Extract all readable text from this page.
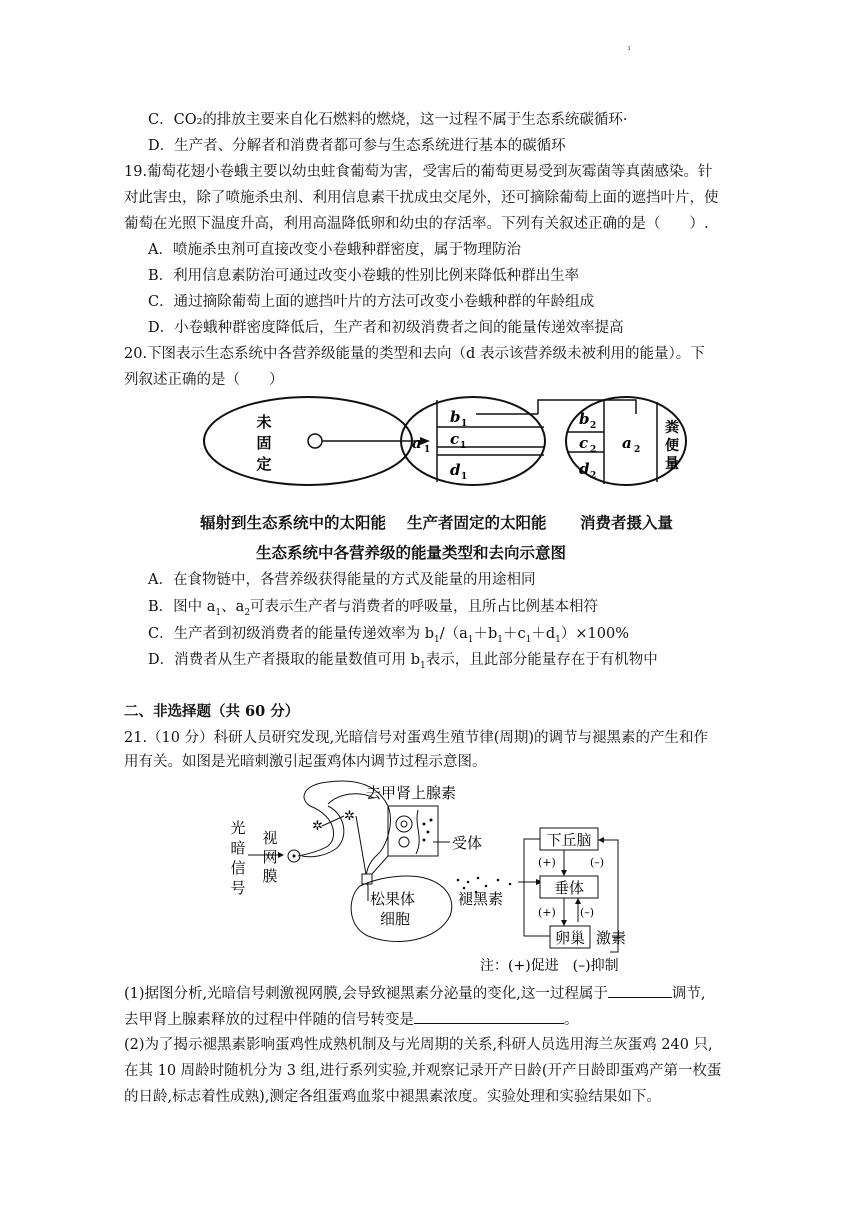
ı
C．CO₂的排放主要来自化石燃料的燃烧，这一过程不属于生态系统碳循环·
D．生产者、分解者和消费者都可参与生态系统进行基本的碳循环
19.葡萄花翅小卷蛾主要以幼虫蛀食葡萄为害，受害后的葡萄更易受到灰霉菌等真菌感染。针
对此害虫，除了喷施杀虫剂、利用信息素干扰成虫交尾外，还可摘除葡萄上面的遮挡叶片，使
葡萄在光照下温度升高，利用高温降低卵和幼虫的存活率。下列有关叙述正确的是（　　）.
A．喷施杀虫剂可直接改变小卷蛾种群密度，属于物理防治
B．利用信息素防治可通过改变小卷蛾的性别比例来降低种群出生率
C．通过摘除葡萄上面的遮挡叶片的方法可改变小卷蛾种群的年龄组成
D．小卷蛾种群密度降低后，生产者和初级消费者之间的能量传递效率提高
20.下图表示生态系统中各营养级能量的类型和去向（d 表示该营养级未被利用的能量）。下
列叙述正确的是（　　）
未
固
定
a 1
b 1
c 1
d 1
b 2
c 2
d 2
a 2
粪
便
量
辐射到生态系统中的太阳能 生产者固定的太阳能 消费者摄入量
生态系统中各营养级的能量类型和去向示意图
A．在食物链中，各营养级获得能量的方式及能量的用途相同
B．图中 $a_1$、$a_2$可表示生产者与消费者的呼吸量，且所占比例基本相符
C．生产者到初级消费者的能量传递效率为 $b_1/(a_1+b_1+c_1+d_1)\times 100\%$
D．消费者从生产者摄取的能量数值可用 $b_1$表示，且此部分能量存在于有机物中
二、非选择题（共 60 分）
21.（10 分）科研人员研究发现,光暗信号对蛋鸡生殖节律(周期)的调节与褪黑素的产生和作
用有关。如图是光暗刺激引起蛋鸡体内调节过程示意图。
光
暗
信
号
视
网
膜
✲
✲
去甲肾上腺素
受体
松果体
细胞
褪黑素
下丘脑
垂体
卵巢 激素
(+)
(+) (–)
(–)
注：(+)促进　(–)抑制
(1)据图分析,光暗信号刺激视网膜,会导致褪黑素分泌量的变化,这一过程属于	调节,
去甲肾上腺素释放的过程中伴随的信号转变是	。
(2)为了揭示褪黑素影响蛋鸡性成熟机制及与光周期的关系,科研人员选用海兰灰蛋鸡 240 只,
在其 10 周龄时随机分为 3 组,进行系列实验,并观察记录开产日龄(开产日龄即蛋鸡产第一枚蛋
的日龄,标志着性成熟),测定各组蛋鸡血浆中褪黑素浓度。实验处理和实验结果如下。
